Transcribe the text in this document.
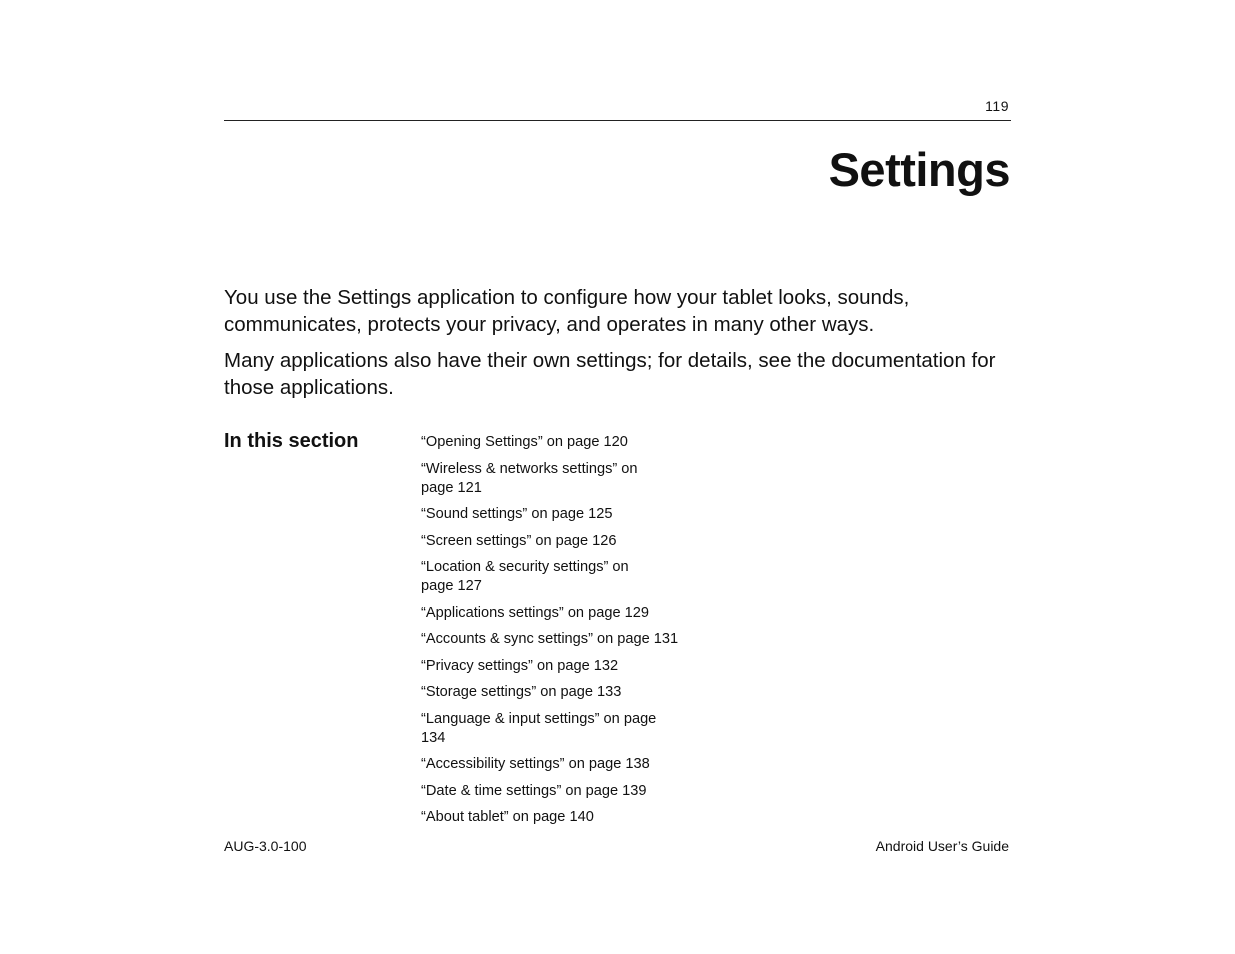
119
Settings

You use the Settings application to configure how your tablet looks, sounds, communicates, protects your privacy, and operates in many other ways.

Many applications also have their own settings; for details, see the documentation for those applications.

In this section	“Opening Settings” on page 120
“Wireless & networks settings” on page 121
“Sound settings” on page 125
“Screen settings” on page 126
“Location & security settings” on page 127
“Applications settings” on page 129
“Accounts & sync settings” on page 131
“Privacy settings” on page 132
“Storage settings” on page 133
“Language & input settings” on page 134
“Accessibility settings” on page 138
“Date & time settings” on page 139
“About tablet” on page 140
AUG-3.0-100	Android User’s Guide
